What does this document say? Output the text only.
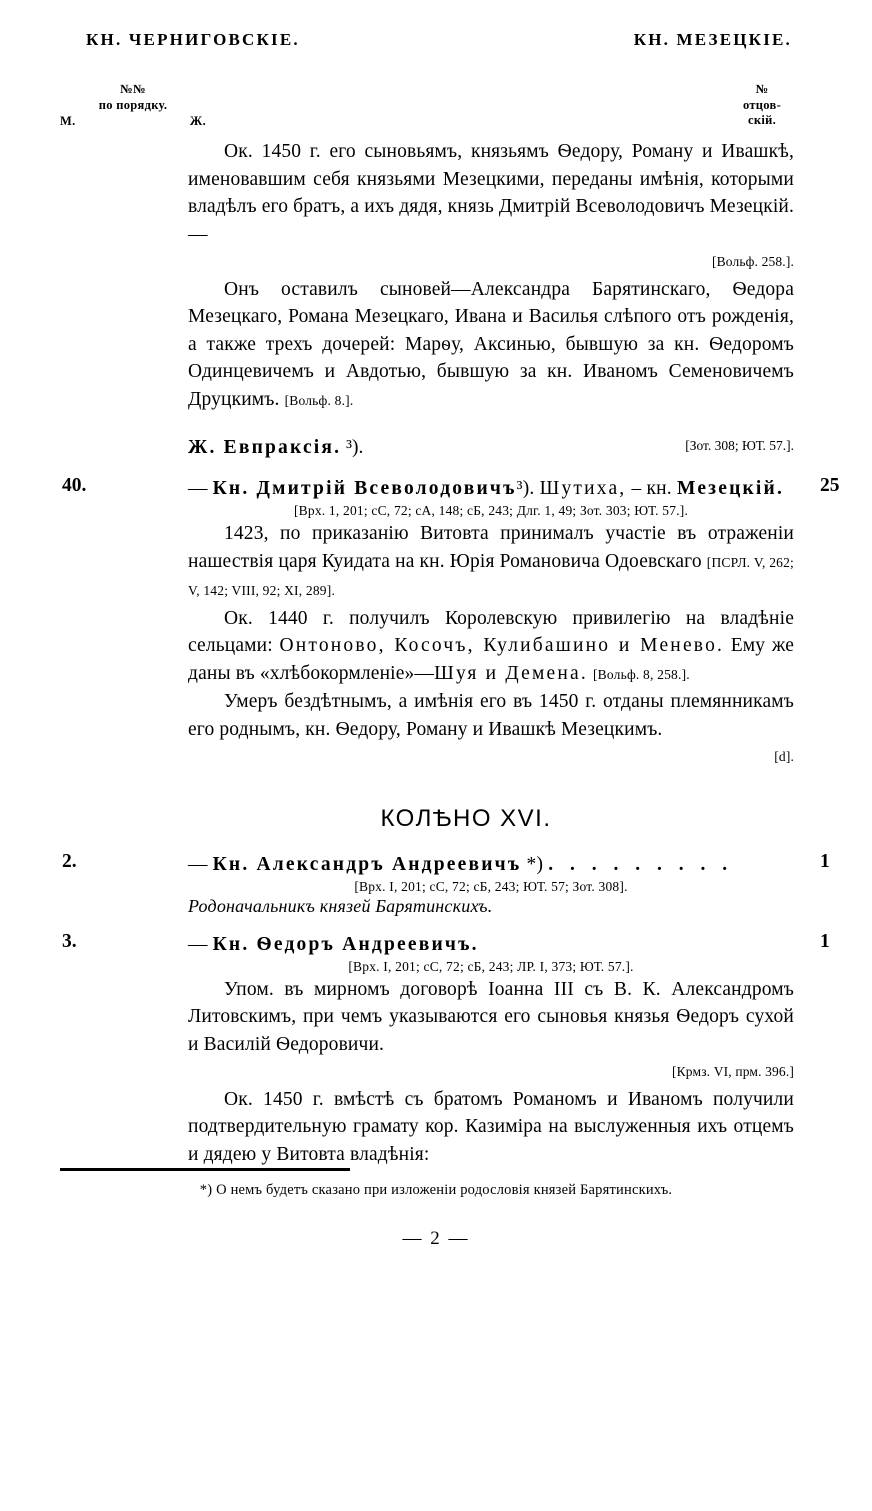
КН. ЧЕРНИГОВСКІЕ.	КН. МЕЗЕЦКІЕ.
№№
по порядку.
М.	Ж.
№
отцов-
скій.

Ок. 1450 г. его сыновьямъ, князьямъ Ѳедору, Роману и Ивашкѣ, именовавшим себя князьями Мезецкими, переданы имѣнія, которыми владѣлъ его братъ, а ихъ дядя, князь Дмитрій Всеволодовичъ Мезецкій. —
[Вольф. 258.].

Онъ оставилъ сыновей—Александра Барятинскаго, Ѳедора Мезецкаго, Романа Мезецкаго, Ивана и Василья слѣпого отъ рожденія, а также трехъ дочерей: Марѳу, Аксинью, бывшую за кн. Ѳедоромъ Одинцевичемъ и Авдотью, бывшую за кн. Иваномъ Семеновичемъ Друцкимъ. [Вольф. 8.].

Ж. Евпраксія. ³).	[Зот. 308; ЮТ. 57.].
40.	25
— Кн. Дмитрій Всеволодовичъ³). Шутиха, – кн. Мезецкій.
[Врх. 1, 201; сС, 72; сА, 148; сБ, 243; Длг. 1, 49; Зот. 303; ЮТ. 57.].

1423, по приказанію Витовта принималъ участіе въ отраженіи нашествія царя Куидата на кн. Юрія Романовича Одоевскаго [ПСРЛ. V, 262; V, 142; VIII, 92; XI, 289].

Ок. 1440 г. получилъ Королевскую привилегію на владѣніе сельцами: Онтоново, Косочъ, Кулибашино и Менево. Ему же даны въ «хлѣбокормленіе»—Шуя и Демена. [Вольф. 8, 258.].

Умеръ бездѣтнымъ, а имѣнія его въ 1450 г. отданы племянникамъ его роднымъ, кн. Ѳедору, Роману и Ивашкѣ Мезецкимъ.
[d].

КОЛѢНО XVI.
2.	1
— Кн. Александръ Андреевичъ *) . . . . . . . . .
[Врх. I, 201; сС, 72; сБ, 243; ЮТ. 57; Зот. 308].
Родоначальникъ князей Барятинскихъ.
3.	1
— Кн. Ѳедоръ Андреевичъ.
[Врх. I, 201; сС, 72; сБ, 243; ЛР. I, 373; ЮТ. 57.].

Упом. въ мирномъ договорѣ Іоанна III съ В. К. Александромъ Литовскимъ, при чемъ указываются его сыновья князья Ѳедоръ сухой и Василій Ѳедоровичи.
[Крмз. VI, прм. 396.]

Ок. 1450 г. вмѣстѣ съ братомъ Романомъ и Иваномъ получили подтвердительную грамату кор. Казиміра на выслуженныя ихъ отцемъ и дядею у Витовта владѣнія:

*) О немъ будетъ сказано при изложеніи родословія князей Барятинскихъ.
— 2 —
